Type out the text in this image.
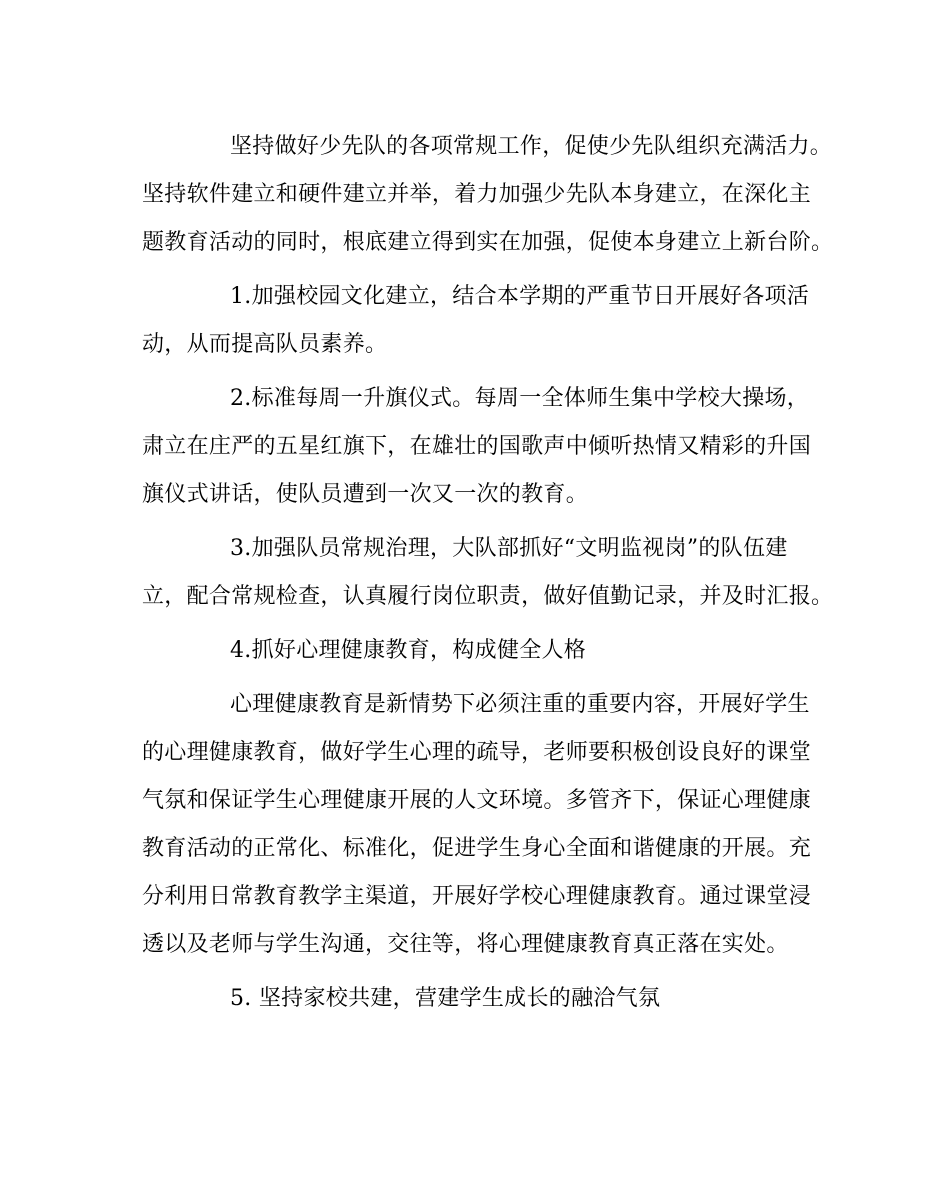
坚持做好少先队的各项常规工作，促使少先队组织充满活力。
坚持软件建立和硬件建立并举，着力加强少先队本身建立，在深化主
题教育活动的同时，根底建立得到实在加强，促使本身建立上新台阶。
1.加强校园文化建立，结合本学期的严重节日开展好各项活
动，从而提高队员素养。
2.标准每周一升旗仪式。每周一全体师生集中学校大操场，
肃立在庄严的五星红旗下，在雄壮的国歌声中倾听热情又精彩的升国
旗仪式讲话，使队员遭到一次又一次的教育。
3.加强队员常规治理，大队部抓好“文明监视岗”的队伍建
立，配合常规检查，认真履行岗位职责，做好值勤记录，并及时汇报。
4.抓好心理健康教育，构成健全人格
心理健康教育是新情势下必须注重的重要内容，开展好学生
的心理健康教育，做好学生心理的疏导，老师要积极创设良好的课堂
气氛和保证学生心理健康开展的人文环境。多管齐下，保证心理健康
教育活动的正常化、标准化，促进学生身心全面和谐健康的开展。充
分利用日常教育教学主渠道，开展好学校心理健康教育。通过课堂浸
透以及老师与学生沟通，交往等，将心理健康教育真正落在实处。
5. 坚持家校共建，营建学生成长的融洽气氛
